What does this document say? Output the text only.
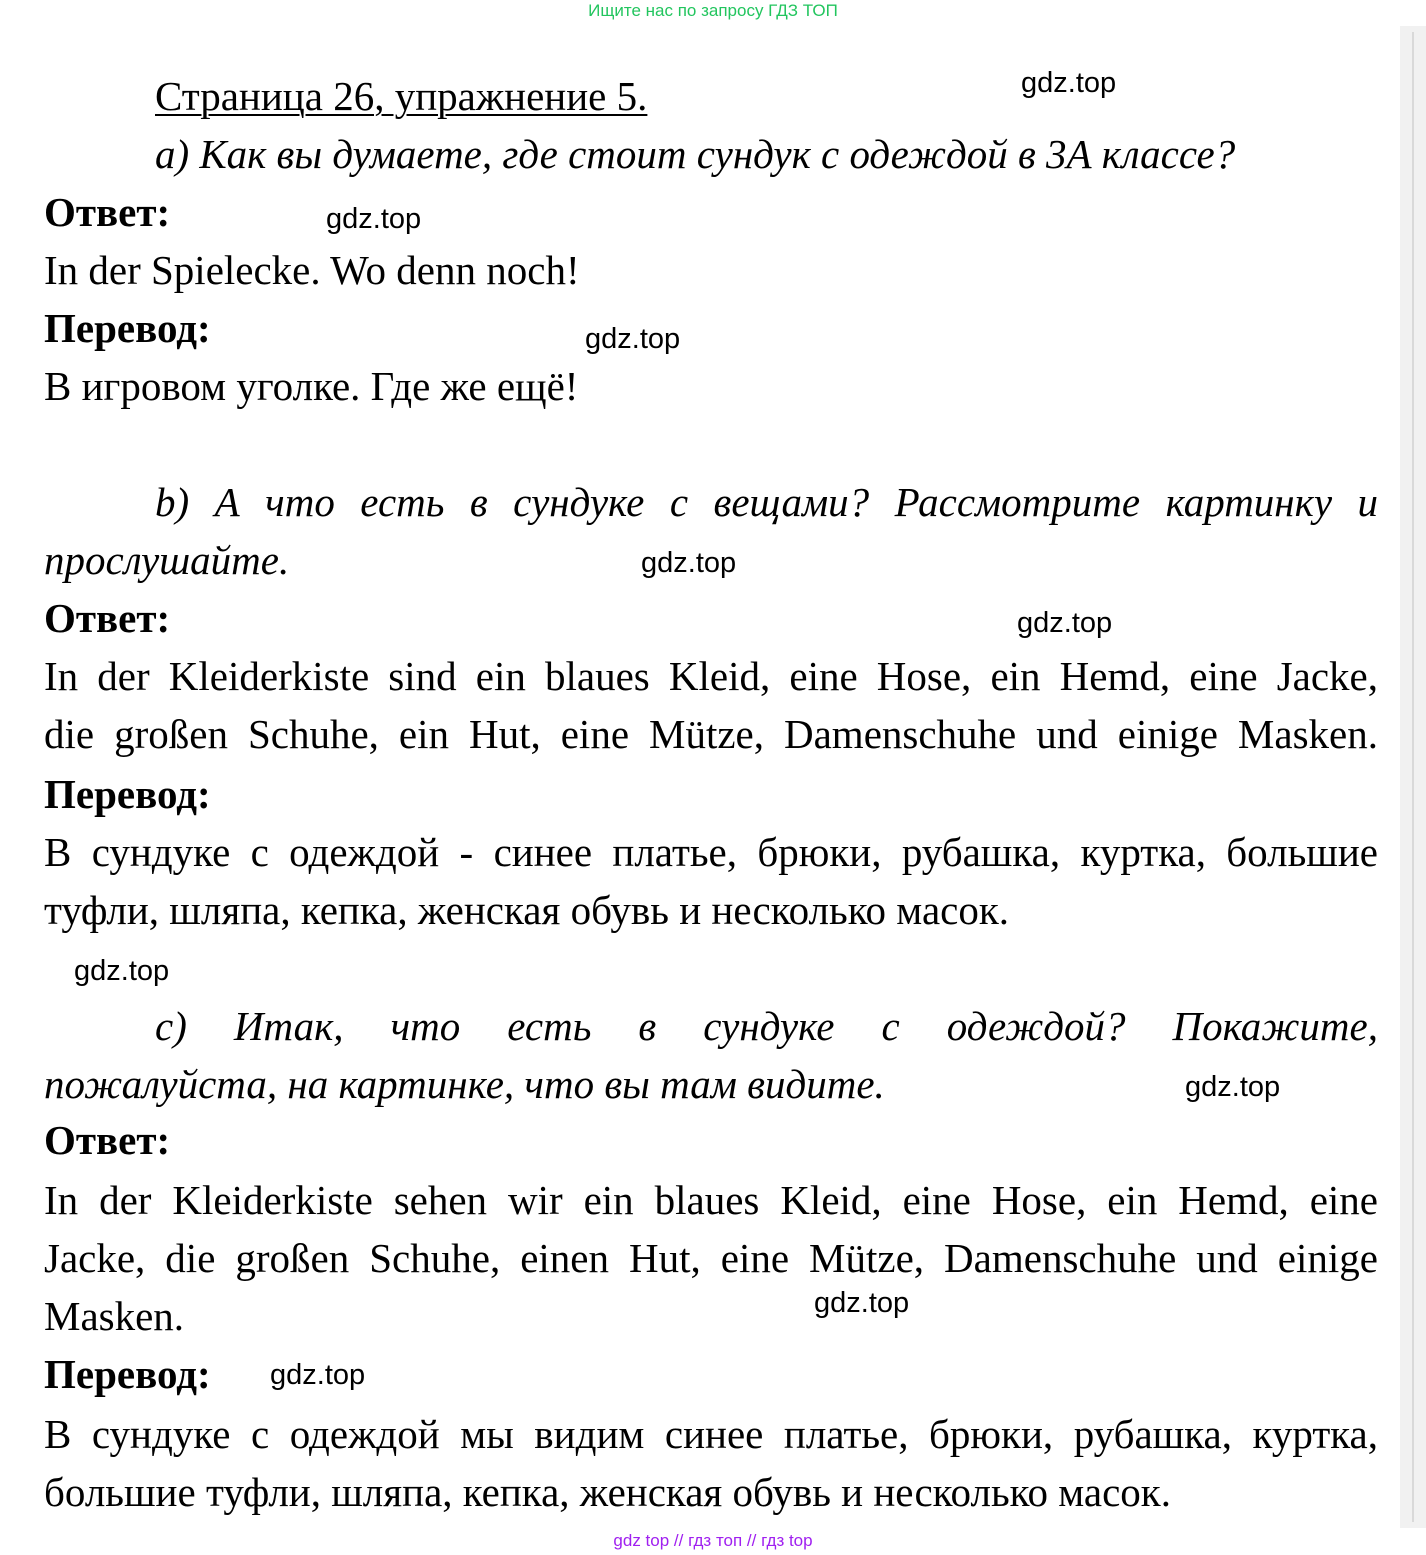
Ищите нас по запросу ГДЗ ТОП
Страница 26, упражнение 5.	gdz.top
а) Как вы думаете, где стоит сундук с одеждой в 3А классе?
Ответ:	gdz.top
In der Spielecke. Wo denn noch!
Перевод:	gdz.top
В игровом уголке. Где же ещё!
b) А что есть в сундуке с вещами? Рассмотрите картинку и
прослушайте.	gdz.top
Ответ:	gdz.top
In der Kleiderkiste sind ein blaues Kleid, eine Hose, ein Hemd, eine Jacke,
die großen Schuhe, ein Hut, eine Mütze, Damenschuhe und einige Masken.
Перевод:
В сундуке с одеждой - синее платье, брюки, рубашка, куртка, большие
туфли, шляпа, кепка, женская обувь и несколько масок.
gdz.top
c) Итак, что есть в сундуке с одеждой? Покажите,
пожалуйста, на картинке, что вы там видите.	gdz.top
Ответ:
In der Kleiderkiste sehen wir ein blaues Kleid, eine Hose, ein Hemd, eine
Jacke, die großen Schuhe, einen Hut, eine Mütze, Damenschuhe und einige
Masken.	gdz.top
Перевод:	gdz.top
В сундуке с одеждой мы видим синее платье, брюки, рубашка, куртка,
большие туфли, шляпа, кепка, женская обувь и несколько масок.
gdz top // гдз топ // гдз top
